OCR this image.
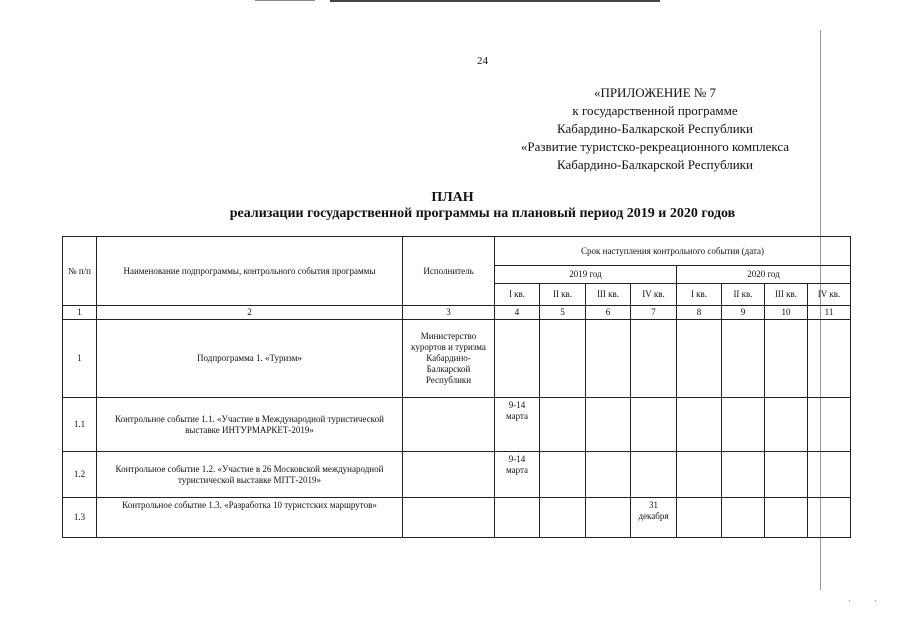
24
«ПРИЛОЖЕНИЕ № 7
к государственной программе
Кабардино-Балкарской Республики
«Развитие туристско-рекреационного комплекса
Кабардино-Балкарской Республики
ПЛАН
реализации государственной программы на плановый период 2019 и 2020 годов
№ п/п	Наименование подпрограммы, контрольного события программы	Исполнитель	Срок наступления контрольного события (дата)							
			2019 год				2020 год			
			I кв.	II кв.	III кв.	IV кв.	I кв.	II кв.	III кв.	IV кв.
1	2	3	4	5	6	7	8	9	10	11
1	Подпрограмма 1. «Туризм»	Министерство курортов и туризма Кабардино-Балкарской Республики								
1.1	Контрольное событие 1.1. «Участие в Международной туристической выставке ИНТУРМАРКЕТ-2019»		9-14 марта							
1.2	Контрольное событие 1.2. «Участие в 26 Московской международной туристической выставке МIТТ-2019»		9-14 марта							
1.3	Контрольное событие 1.3. «Разработка 10 туристских маршрутов»					31 декабря				
·	·
